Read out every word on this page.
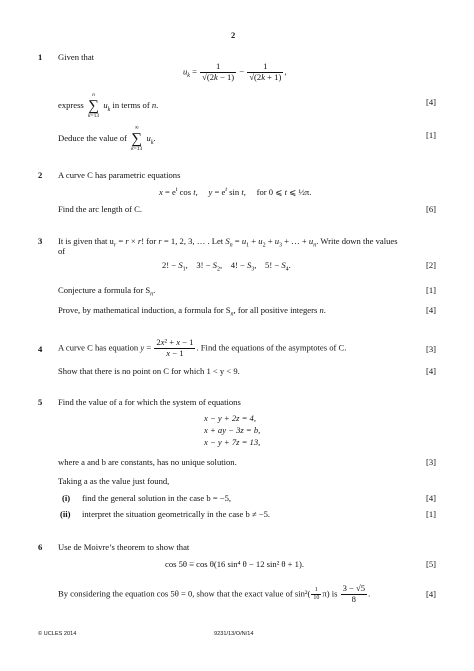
2
1 Given that
$u_k = \frac{1}{√(2k - 1)} - \frac{1}{√(2k + 1)}$ ,
express
n
∑
k=13
$u_k$ in terms of n.	[4]
Deduce the value of
∞
∑
k=13
$u_k$.	[1]
2 A curve C has parametric equations
$x = e^t$ cos t,     $y = e^t$ sin t,     for 0 ⩽ t ⩽ ½π.
Find the arc length of C.	[6]
3 It is given that $u_r = r \times r$! for r = 1, 2, 3, … . Let $S_n = u_1 + u_2 + u_3$ + … + $u_n$. Write down the values
of
2! − $S_1$,    3! − $S_2$,    4! − $S_3$,    5! − $S_4$.	[2]
Conjecture a formula for $S_n$.	[1]
Prove, by mathematical induction, a formula for $S_n$, for all positive integers n.	[4]
4 A curve C has equation $y = \frac{\text{2x² + x − 1}}{x - 1}$ . Find the equations of the asymptotes of C.	[3]
Show that there is no point on C for which 1 < y < 9.	[4]
5 Find the value of a for which the system of equations
x − y + 2z = 4,
x + ay − 3z = b,
x − y + 7z = 13,
where a and b are constants, has no unique solution.	[3]
Taking a as the value just found,
(i) find the general solution in the case b = −5,	[4]
(ii) interpret the situation geometrically in the case b ≠ −5.	[1]
6 Use de Moivre’s theorem to show that
cos 5θ ≡ cos θ(16 sin⁴ θ − 12 sin² θ + 1).	[5]
By considering the equation cos 5θ = 0, show that the exact value of $\sin^2( \frac{1}{10} \pi)$ is $\frac{3 - √5}{8}$ .	[4]
© UCLES 2014	9231/13/O/N/14
